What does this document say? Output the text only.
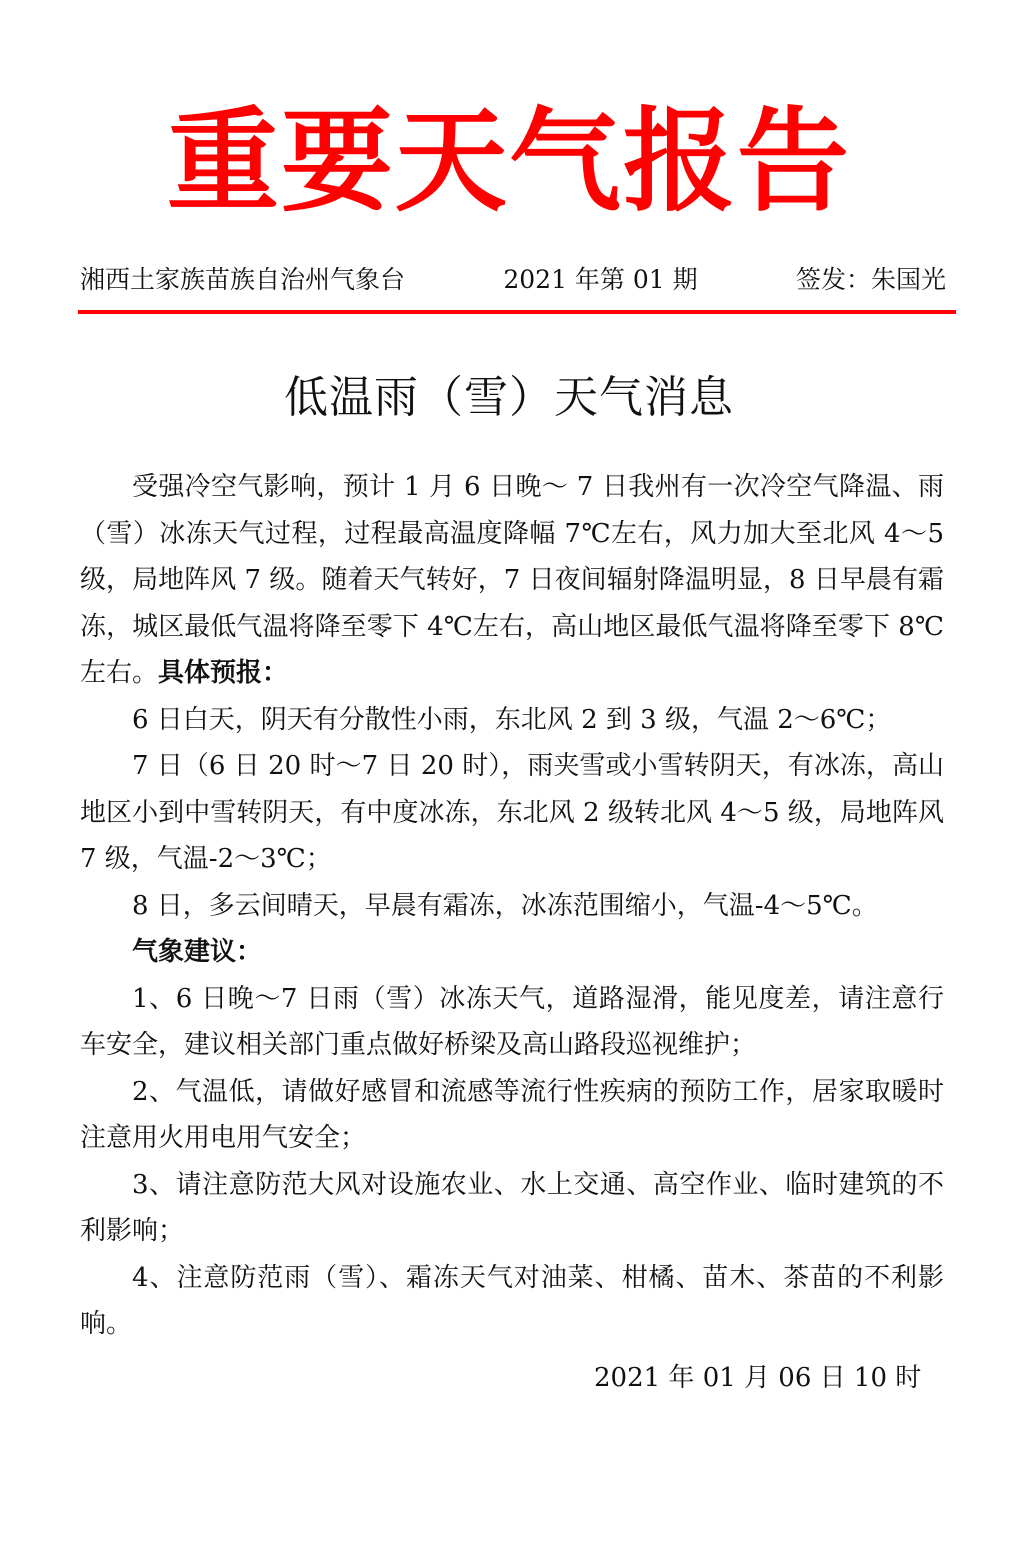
重要天气报告
湘西土家族苗族自治州气象台	2021 年第 01 期	签发：朱国光
低温雨（雪）天气消息

受强冷空气影响，预计 1 月 6 日晚～ 7 日我州有一次冷空气降温、雨（雪）冰冻天气过程，过程最高温度降幅 7℃左右，风力加大至北风 4～5 级，局地阵风 7 级。随着天气转好，7 日夜间辐射降温明显，8 日早晨有霜冻，城区最低气温将降至零下 4℃左右，高山地区最低气温将降至零下 8℃左右。具体预报：

6 日白天，阴天有分散性小雨，东北风 2 到 3 级，气温 2～6℃；

7 日（6 日 20 时～7 日 20 时），雨夹雪或小雪转阴天，有冰冻，高山地区小到中雪转阴天，有中度冰冻，东北风 2 级转北风 4～5 级，局地阵风 7 级，气温-2～3℃；

8 日，多云间晴天，早晨有霜冻，冰冻范围缩小，气温-4～5℃。

气象建议：

1、6 日晚～7 日雨（雪）冰冻天气，道路湿滑，能见度差，请注意行车安全，建议相关部门重点做好桥梁及高山路段巡视维护；

2、气温低，请做好感冒和流感等流行性疾病的预防工作，居家取暖时注意用火用电用气安全；

3、请注意防范大风对设施农业、水上交通、高空作业、临时建筑的不利影响；

4、注意防范雨（雪）、霜冻天气对油菜、柑橘、苗木、茶苗的不利影响。

2021 年 01 月 06 日 10 时
